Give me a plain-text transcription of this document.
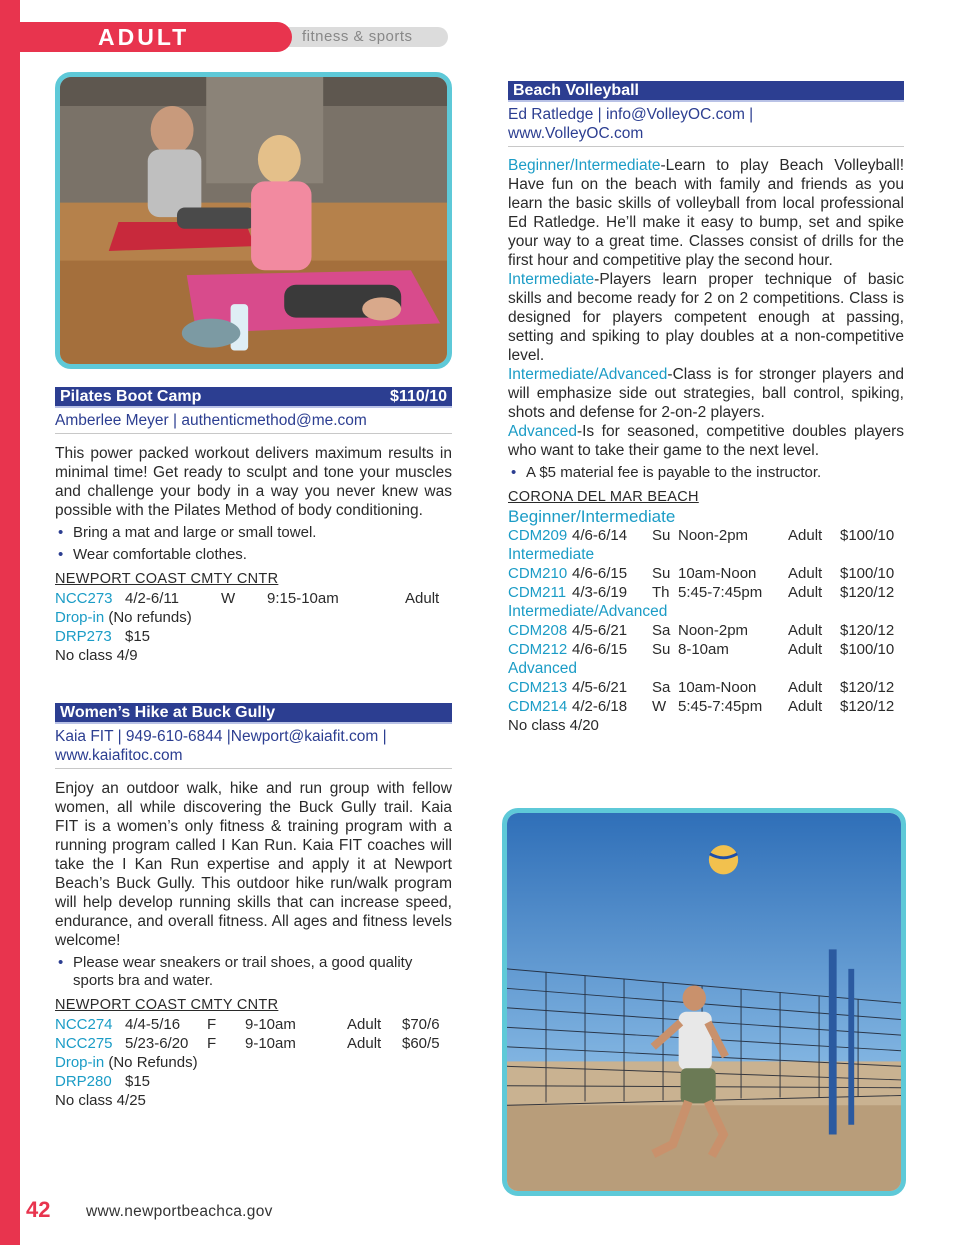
fitness & sports
ADULT
Pilates Boot Camp	$110/10
Amberlee Meyer | authenticmethod@me.com
This power packed workout delivers maximum results in minimal time! Get ready to sculpt and tone your muscles and challenge your body in a way you never knew was possible with the Pilates Method of body conditioning.
• Bring a mat and large or small towel.
• Wear comfortable clothes.
NEWPORT COAST CMTY CNTR
NCC273 4/2-6/11	W	9:15-10am	Adult
Drop-in (No refunds)
DRP273 $15
No class 4/9
Women’s Hike at Buck Gully
Kaia FIT | 949-610-6844 |Newport@kaiafit.com |
www.kaiafitoc.com
Enjoy an outdoor walk, hike and run group with fellow women, all while discovering the Buck Gully trail. Kaia FIT is a women’s only fitness & training program with a running program called I Kan Run. Kaia FIT coaches will take the I Kan Run expertise and apply it at Newport Beach’s Buck Gully. This outdoor hike run/walk program will help develop running skills that can increase speed, endurance, and overall fitness. All ages and fitness levels welcome!
• Please wear sneakers or trail shoes, a good quality sports bra and water.
NEWPORT COAST CMTY CNTR
NCC274 4/4-5/16	F	9-10am	Adult	$70/6
NCC275 5/23-6/20	F	9-10am	Adult	$60/5
Drop-in (No Refunds)
DRP280 $15
No class 4/25
Beach Volleyball
Ed Ratledge | info@VolleyOC.com |
www.VolleyOC.com
Beginner/Intermediate-Learn to play Beach Volleyball! Have fun on the beach with family and friends as you learn the basic skills of volleyball from local professional Ed Ratledge. He’ll make it easy to bump, set and spike your way to a great time. Classes consist of drills for the first hour and competitive play the second hour.
Intermediate-Players learn proper technique of basic skills and become ready for 2 on 2 competitions. Class is designed for players competent enough at passing, setting and spiking to play doubles at a non-competitive level.
Intermediate/Advanced-Class is for stronger players and will emphasize side out strategies, ball control, spiking, shots and defense for 2-on-2 players.
Advanced-Is for seasoned, competitive doubles players who want to take their game to the next level.
• A $5 material fee is payable to the instructor.
CORONA DEL MAR BEACH
Beginner/Intermediate
CDM209 4/6-6/14	Su Noon-2pm	Adult	$100/10
Intermediate
CDM210 4/6-6/15	Su 10am-Noon	Adult	$100/10
CDM211 4/3-6/19	Th 5:45-7:45pm	Adult	$120/12
Intermediate/Advanced
CDM208 4/5-6/21	Sa Noon-2pm	Adult	$120/12
CDM212 4/6-6/15	Su 8-10am	Adult	$100/10
Advanced
CDM213 4/5-6/21	Sa 10am-Noon	Adult	$120/12
CDM214 4/2-6/18	W 5:45-7:45pm	Adult	$120/12
No class 4/20
42 www.newportbeachca.gov
